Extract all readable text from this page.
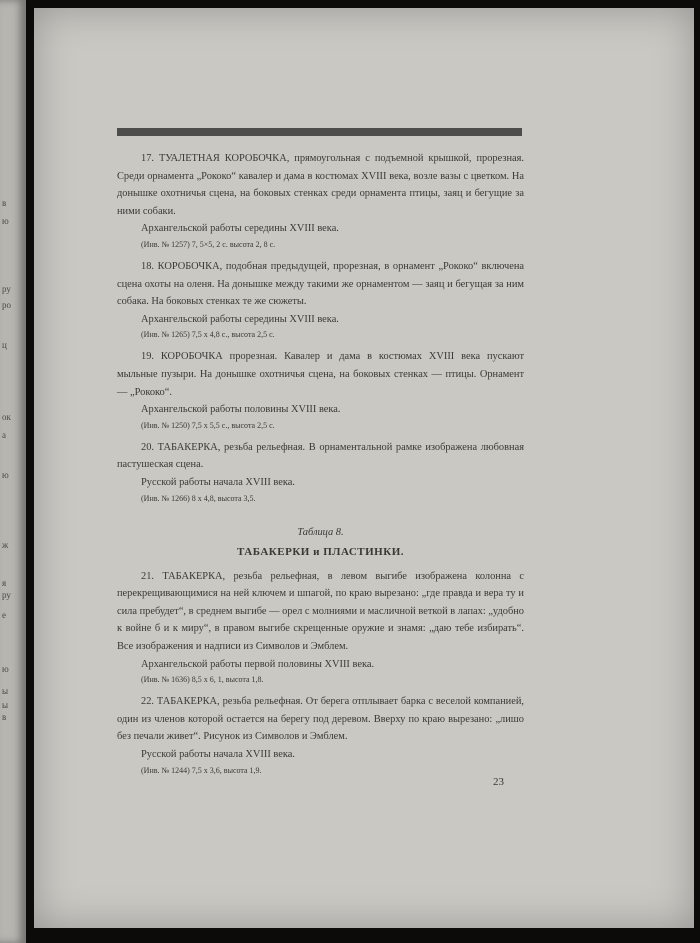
ру
в
ро
ц
ю
а
ю
ок
ж
ру
е
ю
ы
ы
я
в

17. ТУАЛЕТНАЯ КОРОБОЧКА, прямоугольная с подъемной крышкой, прорезная. Среди орнамента „Рококо“ кавалер и дама в костюмах XVIII века, возле вазы с цветком. На донышке охотничья сцена, на боковых стенках среди орнамента птицы, заяц и бегущие за ними собаки.

Архангельской работы середины XVIII века.

(Инв. № 1257) 7, 5×5, 2 с. высота 2, 8 с.

18. КОРОБОЧКА, подобная предыдущей, прорезная, в орнамент „Рококо“ включена сцена охоты на оленя. На донышке между такими же орнаментом — заяц и бегущая за ним собака. На боковых стенках те же сюжеты.

Архангельской работы середины XVIII века.

(Инв. № 1265) 7,5 х 4,8 с., высота 2,5 с.

19. КОРОБОЧКА прорезная. Кавалер и дама в костюмах XVIII века пускают мыльные пузыри. На донышке охотничья сцена, на боковых стенках — птицы. Орнамент — „Рококо“.

Архангельской работы половины XVIII века.

(Инв. № 1250) 7,5 х 5,5 с., высота 2,5 с.

20. ТАБАКЕРКА, резьба рельефная. В орнаментальной рамке изображена любовная пастушеская сцена.

Русской работы начала XVIII века.

(Инв. № 1266) 8 х 4,8, высота 3,5.

Таблица 8.
ТАБАКЕРКИ и ПЛАСТИНКИ.

21. ТАБАКЕРКА, резьба рельефная, в левом выгибе изображена колонна с перекрещивающимися на ней ключем и шпагой, по краю вырезано: „где правда и вера ту и сила пребудет“, в среднем выгибе — орел с молниями и масличной веткой в лапах: „удобно к войне б и к миру“, в правом выгибе скрещенные оружие и знамя: „даю тебе избирать“. Все изображения и надписи из Символов и Эмблем.

Архангельской работы первой половины XVIII века.

(Инв. № 1636) 8,5 х 6, 1, высота 1,8.

22. ТАБАКЕРКА, резьба рельефная. От берега отплывает барка с веселой компанией, один из членов которой остается на берегу под деревом. Вверху по краю вырезано: „лишо без печали живет“. Рисунок из Символов и Эмблем.

Русской работы начала XVIII века.

(Инв. № 1244) 7,5 х 3,6, высота 1,9.

23
